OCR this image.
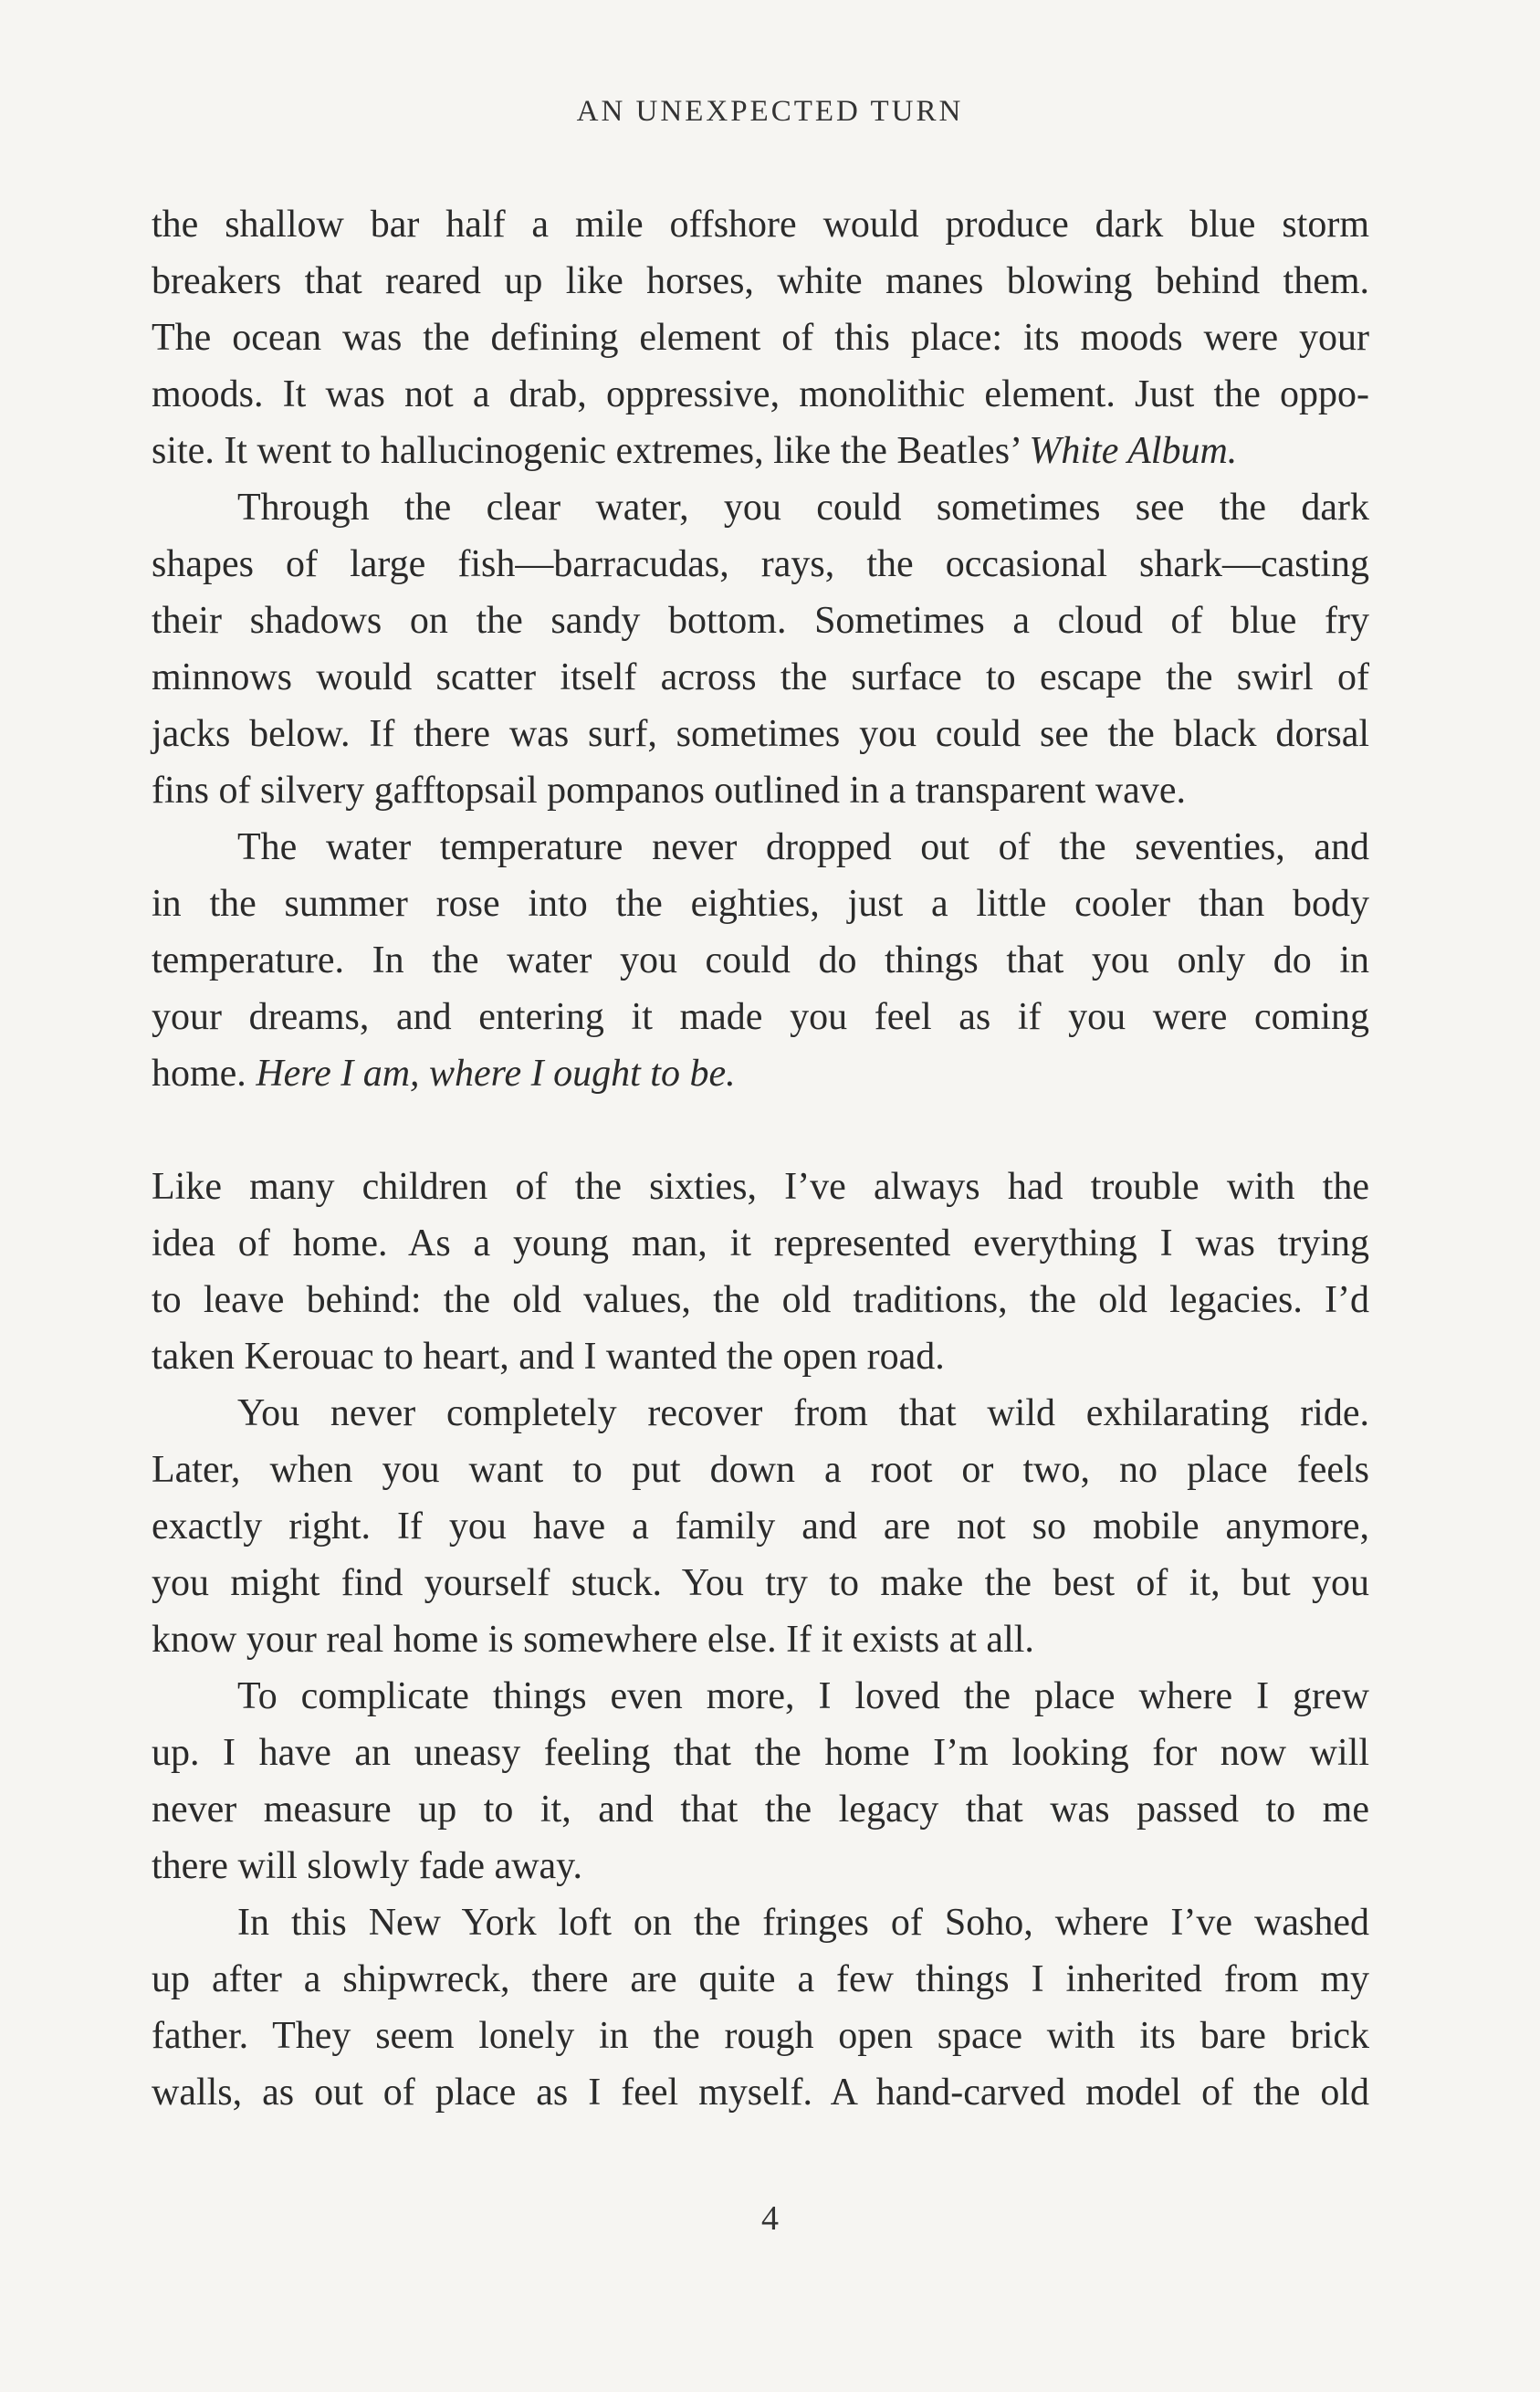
AN UNEXPECTED TURN
the shallow bar half a mile offshore would produce dark blue storm
breakers that reared up like horses, white manes blowing behind them.
The ocean was the defining element of this place: its moods were your
moods. It was not a drab, oppressive, monolithic element. Just the oppo-
site. It went to hallucinogenic extremes, like the Beatles’ White Album.
Through the clear water, you could sometimes see the dark
shapes of large fish—barracudas, rays, the occasional shark—casting
their shadows on the sandy bottom. Sometimes a cloud of blue fry
minnows would scatter itself across the surface to escape the swirl of
jacks below. If there was surf, sometimes you could see the black dorsal
fins of silvery gafftopsail pompanos outlined in a transparent wave.
The water temperature never dropped out of the seventies, and
in the summer rose into the eighties, just a little cooler than body
temperature. In the water you could do things that you only do in
your dreams, and entering it made you feel as if you were coming
home. Here I am, where I ought to be.
Like many children of the sixties, I’ve always had trouble with the
idea of home. As a young man, it represented everything I was trying
to leave behind: the old values, the old traditions, the old legacies. I’d
taken Kerouac to heart, and I wanted the open road.
You never completely recover from that wild exhilarating ride.
Later, when you want to put down a root or two, no place feels
exactly right. If you have a family and are not so mobile anymore,
you might find yourself stuck. You try to make the best of it, but you
know your real home is somewhere else. If it exists at all.
To complicate things even more, I loved the place where I grew
up. I have an uneasy feeling that the home I’m looking for now will
never measure up to it, and that the legacy that was passed to me
there will slowly fade away.
In this New York loft on the fringes of Soho, where I’ve washed
up after a shipwreck, there are quite a few things I inherited from my
father. They seem lonely in the rough open space with its bare brick
walls, as out of place as I feel myself. A hand-carved model of the old
4
